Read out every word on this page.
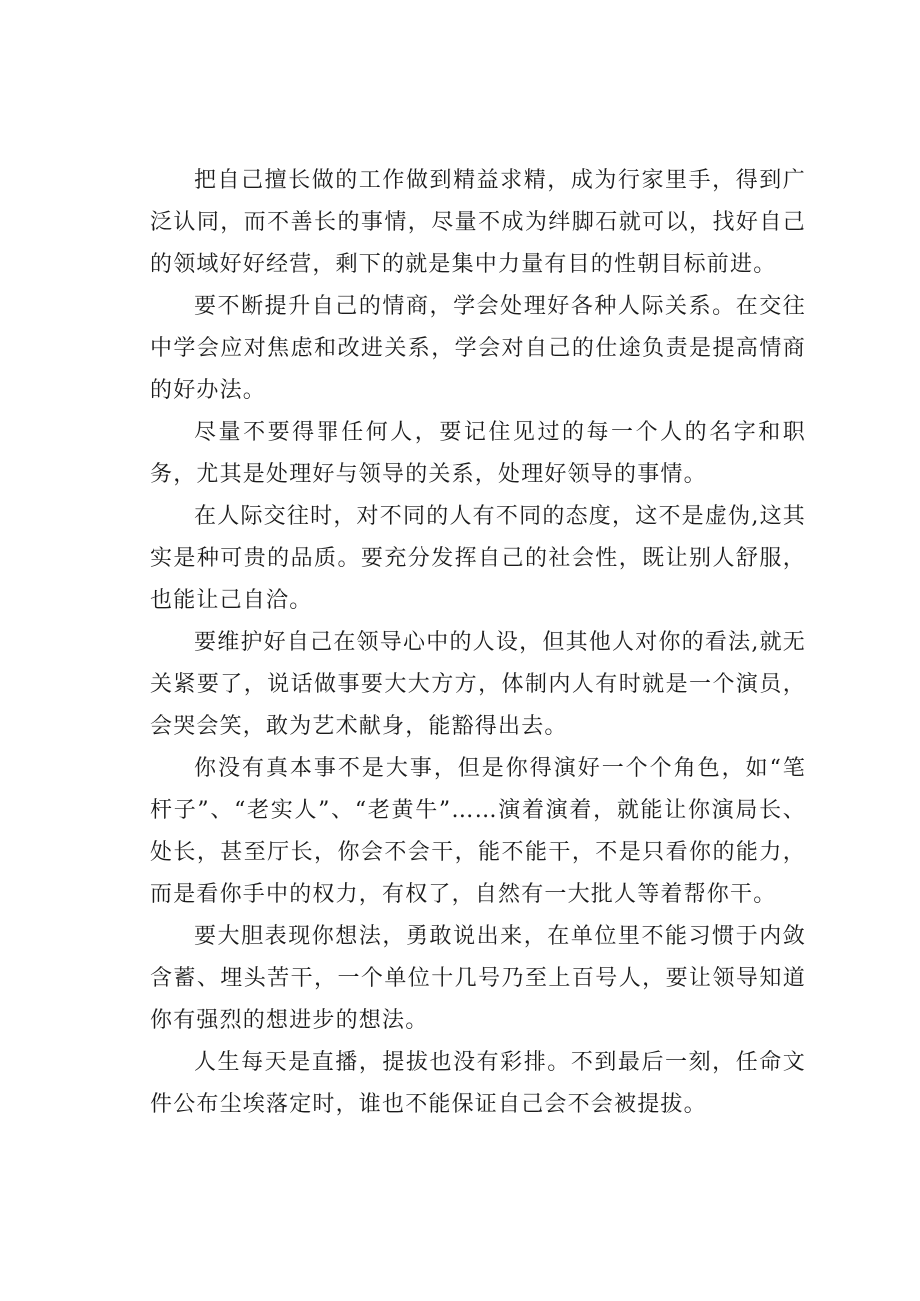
把自己擅长做的工作做到精益求精，成为行家里手，得到广泛认同，而不善长的事情，尽量不成为绊脚石就可以，找好自己的领域好好经营，剩下的就是集中力量有目的性朝目标前进。

要不断提升自己的情商，学会处理好各种人际关系。在交往中学会应对焦虑和改进关系，学会对自己的仕途负责是提高情商的好办法。

尽量不要得罪任何人，要记住见过的每一个人的名字和职务，尤其是处理好与领导的关系，处理好领导的事情。

在人际交往时，对不同的人有不同的态度，这不是虚伪,这其实是种可贵的品质。要充分发挥自己的社会性，既让别人舒服，也能让己自洽。

要维护好自己在领导心中的人设，但其他人对你的看法,就无关紧要了，说话做事要大大方方，体制内人有时就是一个演员，会哭会笑，敢为艺术献身，能豁得出去。

你没有真本事不是大事，但是你得演好一个个角色，如“笔杆子”、“老实人”、“老黄牛”……演着演着，就能让你演局长、处长，甚至厅长，你会不会干，能不能干，不是只看你的能力，而是看你手中的权力，有权了，自然有一大批人等着帮你干。

要大胆表现你想法，勇敢说出来，在单位里不能习惯于内敛含蓄、埋头苦干，一个单位十几号乃至上百号人，要让领导知道你有强烈的想进步的想法。

人生每天是直播，提拔也没有彩排。不到最后一刻，任命文件公布尘埃落定时，谁也不能保证自己会不会被提拔。
